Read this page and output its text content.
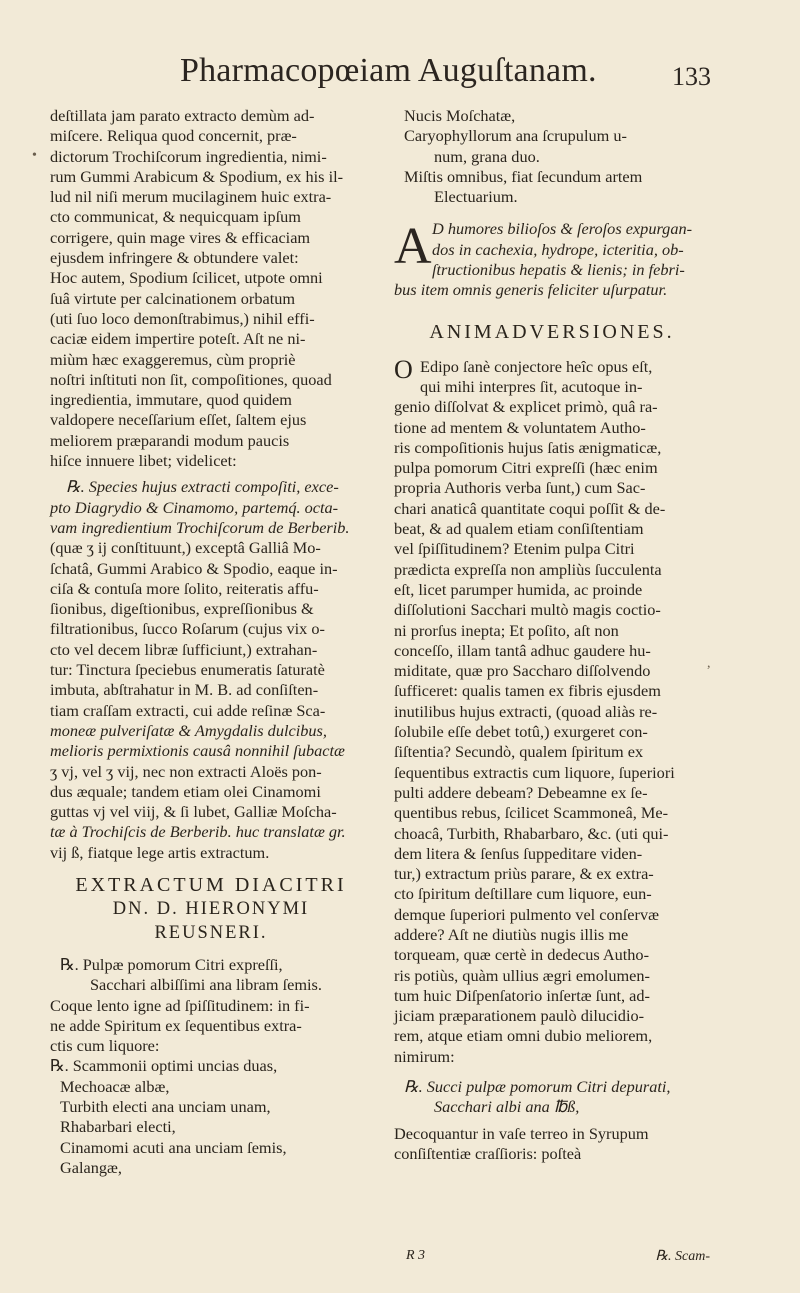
Pharmacopœiam Auguſtanam.	133
•
,
deſtillata jam parato extracto demùm ad-
miſcere. Reliqua quod concernit, præ-
dictorum Trochiſcorum ingredientia, nimi-
rum Gummi Arabicum & Spodium, ex his il-
lud nil niſi merum mucilaginem huic extra-
cto communicat, & nequicquam ipſum
corrigere, quin mage vires & efficaciam
ejusdem infringere & obtundere valet:
Hoc autem, Spodium ſcilicet, utpote omni
ſuâ virtute per calcinationem orbatum
(uti ſuo loco demonſtrabimus,) nihil effi-
caciæ eidem impertire poteſt. Aſt ne ni-
miùm hæc exaggeremus, cùm propriè
noſtri inſtituti non ſit, compoſitiones, quoad
ingredientia, immutare, quod quidem
valdopere neceſſarium eſſet, ſaltem ejus
meliorem præparandi modum paucis
hiſce innuere libet; videlicet:
℞. Species hujus extracti compoſiti, exce-
pto Diagrydio & Cinamomo, partemq́. octa-
vam ingredientium Trochiſcorum de Berberib.
(quæ ʒ ij conſtituunt,) exceptâ Galliâ Mo-
ſchatâ, Gummi Arabico & Spodio, eaque in-
ciſa & contuſa more ſolito, reiteratis affu-
ſionibus, digeſtionibus, expreſſionibus &
filtrationibus, ſucco Roſarum (cujus vix o-
cto vel decem libræ ſufficiunt,) extrahan-
tur: Tinctura ſpeciebus enumeratis ſaturatè
imbuta, abſtrahatur in M. B. ad conſiſten-
tiam craſſam extracti, cui adde reſinæ Sca-
moneæ pulveriſatæ & Amygdalis dulcibus,
melioris permixtionis causâ nonnihil ſubactæ
ʒ vj, vel ʒ vij, nec non extracti Aloës pon-
dus æquale; tandem etiam olei Cinamomi
guttas vj vel viij, & ſi lubet, Galliæ Moſcha-
tæ à Trochiſcis de Berberib. huc translatæ gr.
vij ß, fiatque lege artis extractum.
EXTRACTUM DIACITRI
DN. D. HIERONYMI
REUSNERI.
℞. Pulpæ pomorum Citri expreſſi,
Sacchari albiſſimi ana libram ſemis.
Coque lento igne ad ſpiſſitudinem: in fi-
ne adde Spiritum ex ſequentibus extra-
ctis cum liquore:
℞. Scammonii optimi uncias duas,
Mechoacæ albæ,
Turbith electi ana unciam unam,
Rhabarbari electi,
Cinamomi acuti ana unciam ſemis,
Galangæ,
Nucis Moſchatæ,
Caryophyllorum ana ſcrupulum u-
num, grana duo.
Miſtis omnibus, fiat ſecundum artem
Electuarium.
A D humores bilioſos & ſeroſos expurgan-
dos in cachexia, hydrope, icteritia, ob-
ſtructionibus hepatis & lienis; in febri-
bus item omnis generis feliciter uſurpatur.
ANIMADVERSIONES.
O Edipo ſanè conjectore heîc opus eſt,
qui mihi interpres ſit, acutoque in-
genio diſſolvat & explicet primò, quâ ra-
tione ad mentem & voluntatem Autho-
ris compoſitionis hujus ſatis ænigmaticæ,
pulpa pomorum Citri expreſſi (hæc enim
propria Authoris verba ſunt,) cum Sac-
chari anaticâ quantitate coqui poſſit & de-
beat, & ad qualem etiam conſiſtentiam
vel ſpiſſitudinem? Etenim pulpa Citri
prædicta expreſſa non ampliùs ſucculenta
eſt, licet parumper humida, ac proinde
diſſolutioni Sacchari multò magis coctio-
ni prorſus inepta; Et poſito, aſt non
conceſſo, illam tantâ adhuc gaudere hu-
miditate, quæ pro Saccharo diſſolvendo
ſufficeret: qualis tamen ex fibris ejusdem
inutilibus hujus extracti, (quoad aliàs re-
ſolubile eſſe debet totû,) exurgeret con-
ſiſtentia? Secundò, qualem ſpiritum ex
ſequentibus extractis cum liquore, ſuperiori
pulti addere debeam? Debeamne ex ſe-
quentibus rebus, ſcilicet Scammoneâ, Me-
choacâ, Turbith, Rhabarbaro, &c. (uti qui-
dem litera & ſenſus ſuppeditare viden-
tur,) extractum priùs parare, & ex extra-
cto ſpiritum deſtillare cum liquore, eun-
demque ſuperiori pulmento vel conſervæ
addere? Aſt ne diutiùs nugis illis me
torqueam, quæ certè in dedecus Autho-
ris potiùs, quàm ullius ægri emolumen-
tum huic Diſpenſatorio inſertæ ſunt, ad-
jiciam præparationem paulò dilucidio-
rem, atque etiam omni dubio meliorem,
nimirum:
℞. Succi pulpæ pomorum Citri depurati,
Sacchari albi ana ℔ß,
Decoquantur in vaſe terreo in Syrupum
conſiſtentiæ craſſioris: poſteà
R 3	℞. Scam-
